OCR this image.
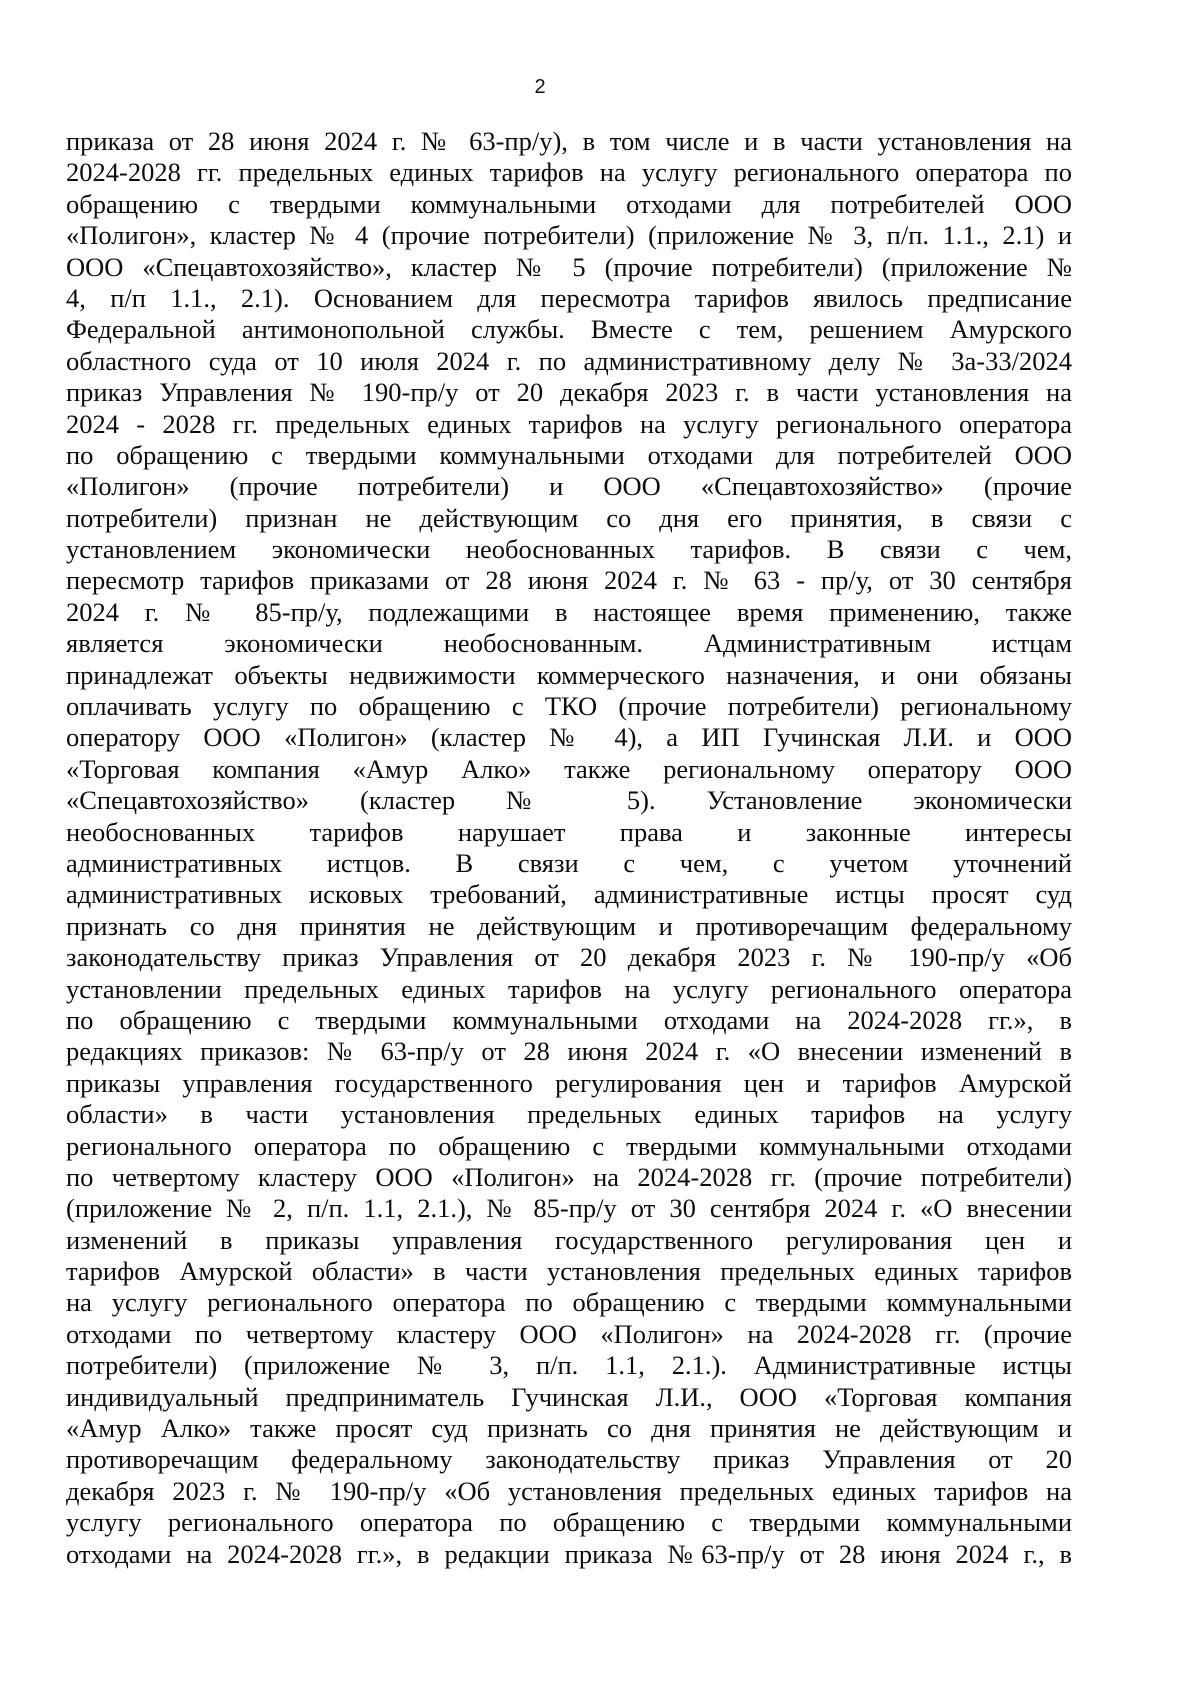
2
приказа от 28 июня 2024 г. № 63-пр/у), в том числе и в части установления на
2024-2028 гг. предельных единых тарифов на услугу регионального оператора по
обращению с твердыми коммунальными отходами для потребителей ООО
«Полигон», кластер № 4 (прочие потребители) (приложение № 3, п/п. 1.1., 2.1) и
ООО «Спецавтохозяйство», кластер № 5 (прочие потребители) (приложение №
4, п/п 1.1., 2.1). Основанием для пересмотра тарифов явилось предписание
Федеральной антимонопольной службы. Вместе с тем, решением Амурского
областного суда от 10 июля 2024 г. по административному делу № 3а-33/2024
приказ Управления № 190-пр/у от 20 декабря 2023 г. в части установления на
2024 - 2028 гг. предельных единых тарифов на услугу регионального оператора
по обращению с твердыми коммунальными отходами для потребителей ООО
«Полигон» (прочие потребители) и ООО «Спецавтохозяйство» (прочие
потребители) признан не действующим со дня его принятия, в связи с
установлением экономически необоснованных тарифов. В связи с чем,
пересмотр тарифов приказами от 28 июня 2024 г. № 63 - пр/у, от 30 сентября
2024 г. № 85-пр/у, подлежащими в настоящее время применению, также
является экономически необоснованным. Административным истцам
принадлежат объекты недвижимости коммерческого назначения, и они обязаны
оплачивать услугу по обращению с ТКО (прочие потребители) региональному
оператору ООО «Полигон» (кластер № 4), а ИП Гучинская Л.И. и ООО
«Торговая компания «Амур Алко» также региональному оператору ООО
«Спецавтохозяйство» (кластер № 5). Установление экономически
необоснованных тарифов нарушает права и законные интересы
административных истцов. В связи с чем, с учетом уточнений
административных исковых требований, административные истцы просят суд
признать со дня принятия не действующим и противоречащим федеральному
законодательству приказ Управления от 20 декабря 2023 г. № 190-пр/у «Об
установлении предельных единых тарифов на услугу регионального оператора
по обращению с твердыми коммунальными отходами на 2024-2028 гг.», в
редакциях приказов: № 63-пр/у от 28 июня 2024 г. «О внесении изменений в
приказы управления государственного регулирования цен и тарифов Амурской
области» в части установления предельных единых тарифов на услугу
регионального оператора по обращению с твердыми коммунальными отходами
по четвертому кластеру ООО «Полигон» на 2024-2028 гг. (прочие потребители)
(приложение № 2, п/п. 1.1, 2.1.), № 85-пр/у от 30 сентября 2024 г. «О внесении
изменений в приказы управления государственного регулирования цен и
тарифов Амурской области» в части установления предельных единых тарифов
на услугу регионального оператора по обращению с твердыми коммунальными
отходами по четвертому кластеру ООО «Полигон» на 2024-2028 гг. (прочие
потребители) (приложение № 3, п/п. 1.1, 2.1.). Административные истцы
индивидуальный предприниматель Гучинская Л.И., ООО «Торговая компания
«Амур Алко» также просят суд признать со дня принятия не действующим и
противоречащим федеральному законодательству приказ Управления от 20
декабря 2023 г. № 190-пр/у «Об установления предельных единых тарифов на
услугу регионального оператора по обращению с твердыми коммунальными
отходами на 2024-2028 гг.», в редакции приказа №63-пр/у от 28 июня 2024 г., в
